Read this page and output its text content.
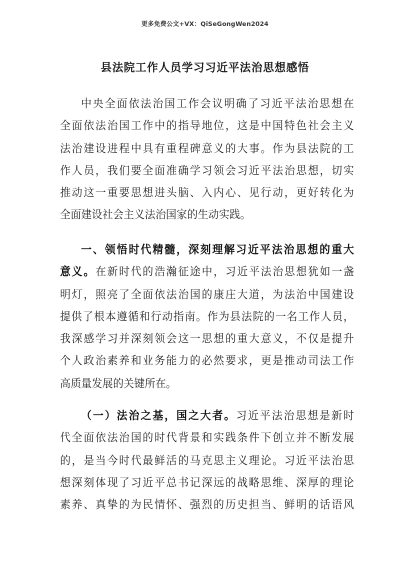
更多免费公文+VX：QiSeGongWen2024
县法院工作人员学习习近平法治思想感悟
中央全面依法治国工作会议明确了习近平法治思想在
全面依法治国工作中的指导地位，这是中国特色社会主义
法治建设进程中具有重程碑意义的大事。作为县法院的工
作人员，我们要全面准确学习领会习近平法治思想，切实
推动这一重要思想进头脑、入内心、见行动，更好转化为
全面建设社会主义法治国家的生动实践。
一、领悟时代精髓，深刻理解习近平法治思想的重大
意义。在新时代的浩瀚征途中，习近平法治思想犹如一盏
明灯，照亮了全面依法治国的康庄大道，为法治中国建设
提供了根本遵循和行动指南。作为县法院的一名工作人员，
我深感学习并深刻领会这一思想的重大意义，不仅是提升
个人政治素养和业务能力的必然要求，更是推动司法工作
高质量发展的关键所在。
（一）法治之基，国之大者。习近平法治思想是新时
代全面依法治国的时代背景和实践条件下创立并不断发展
的，是当今时代最鲜活的马克思主义理论。习近平法治思
想深刻体现了习近平总书记深远的战略思维、深厚的理论
素养、真挚的为民情怀、强烈的历史担当、鲜明的话语风
